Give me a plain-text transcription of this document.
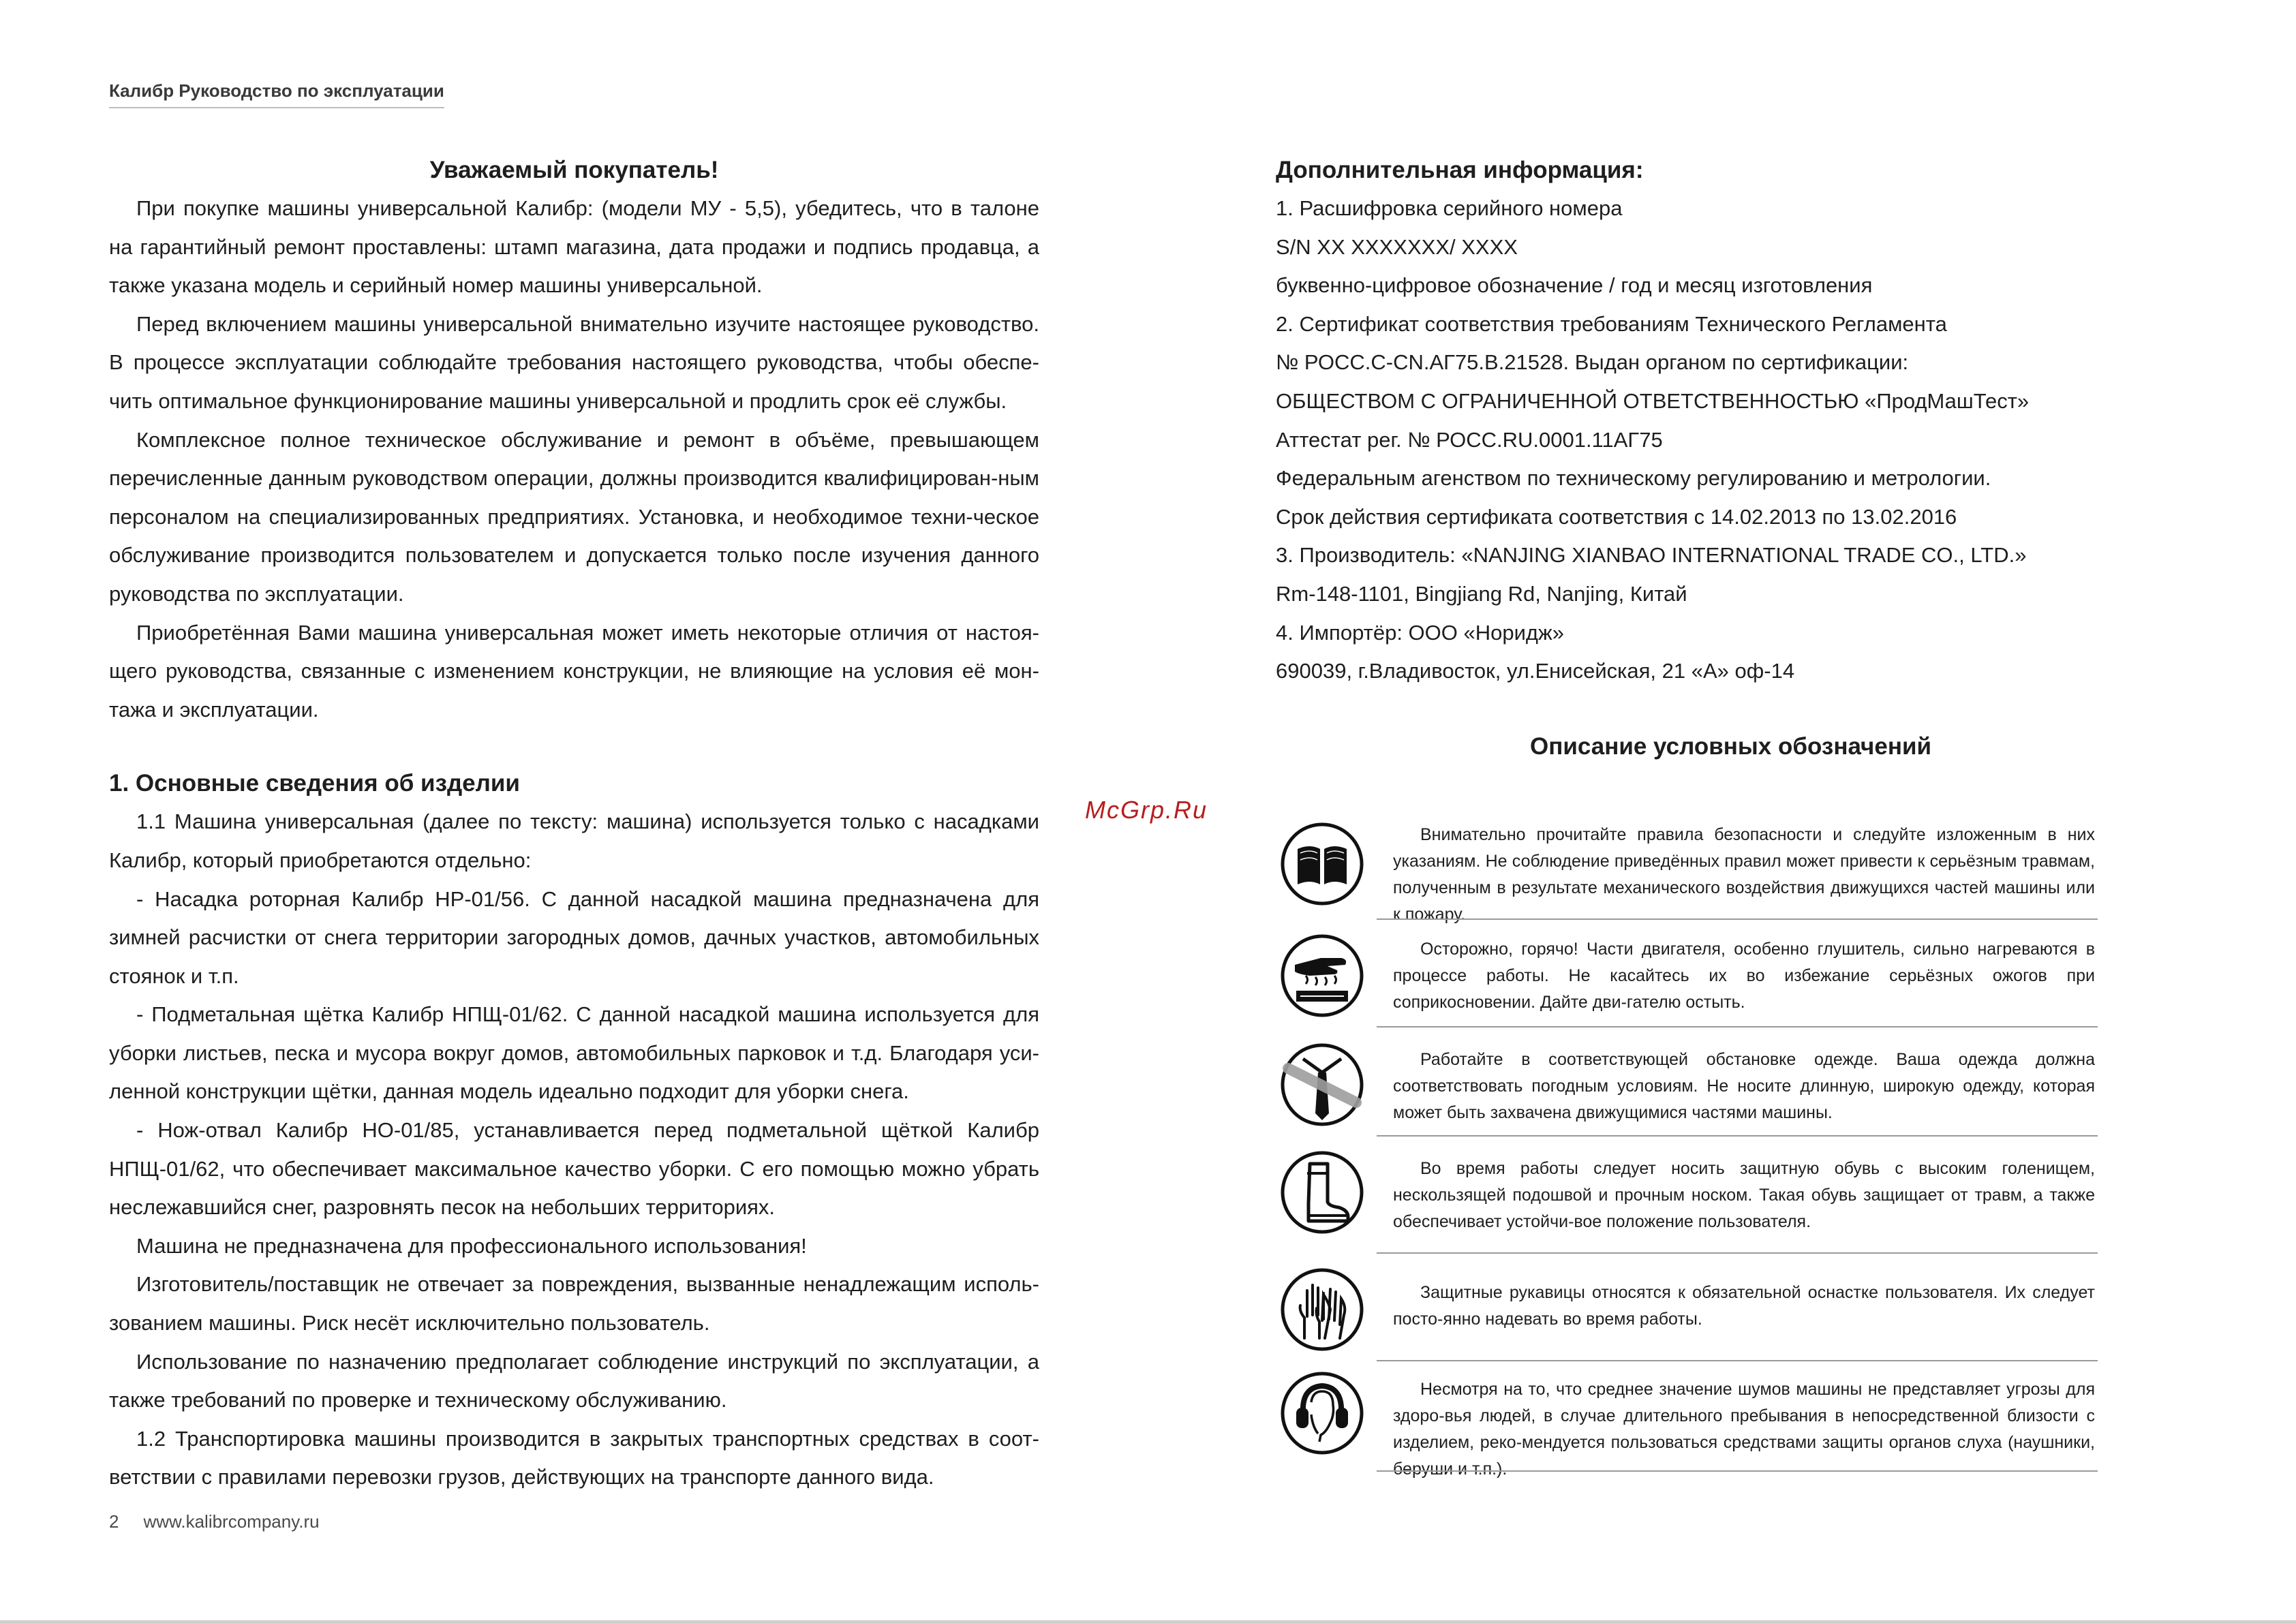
Калибр Руководство по эксплуатации
Уважаемый покупатель!

При покупке машины универсальной Калибр: (модели МУ - 5,5), убедитесь, что в талоне на гарантийный ремонт проставлены: штамп магазина, дата продажи и подпись продавца, а также указана модель и серийный номер машины универсальной.

Перед включением машины универсальной внимательно изучите настоящее руководство. В процессе эксплуатации соблюдайте требования настоящего руководства, чтобы обеспе-чить оптимальное функционирование машины универсальной и продлить срок её службы.

Комплексное полное техническое обслуживание и ремонт в объёме, превышающем перечисленные данным руководством операции, должны производится квалифицирован-ным персоналом на специализированных предприятиях. Установка, и необходимое техни-ческое обслуживание производится пользователем и допускается только после изучения данного руководства по эксплуатации.

Приобретённая Вами машина универсальная может иметь некоторые отличия от настоя-щего руководства, связанные с изменением конструкции, не влияющие на условия её мон-тажа и эксплуатации.

1. Основные сведения об изделии

1.1 Машина универсальная (далее по тексту: машина) используется только с насадками Калибр, который приобретаются отдельно:

- Насадка роторная Калибр НР-01/56. С данной насадкой машина предназначена для зимней расчистки от снега территории загородных домов, дачных участков, автомобильных стоянок и т.п.

- Подметальная щётка Калибр НПЩ-01/62. С данной насадкой машина используется для уборки листьев, песка и мусора вокруг домов, автомобильных парковок и т.д. Благодаря уси-ленной конструкции щётки, данная модель идеально подходит для уборки снега.

- Нож-отвал Калибр НО-01/85, устанавливается перед подметальной щёткой Калибр НПЩ-01/62, что обеспечивает максимальное качество уборки. С его помощью можно убрать неслежавшийся снег, разровнять песок на небольших территориях.

Машина не предназначена для профессионального использования!

Изготовитель/поставщик не отвечает за повреждения, вызванные ненадлежащим исполь-зованием машины. Риск несёт исключительно пользователь.

Использование по назначению предполагает соблюдение инструкций по эксплуатации, а также требований по проверке и техническому обслуживанию.

1.2 Транспортировка машины производится в закрытых транспортных средствах в соот-ветствии с правилами перевозки грузов, действующих на транспорте данного вида.

Дополнительная информация:
1. Расшифровка серийного номера
S/N XX XXXXXXX/ XXXX
буквенно-цифровое обозначение / год и месяц изготовления
2. Сертификат соответствия требованиям Технического Регламента
№ РОСС.С-CN.АГ75.В.21528. Выдан органом по сертификации:
ОБЩЕСТВОМ С ОГРАНИЧЕННОЙ ОТВЕТСТВЕННОСТЬЮ «ПродМашТест»
Аттестат рег. № РОСС.RU.0001.11АГ75
Федеральным агенством по техническому регулированию и метрологии.
Срок действия сертификата соответствия с 14.02.2013 по 13.02.2016
3. Производитель: «NANJING XIANBAO INTERNATIONAL TRADE CO., LTD.»
Rm-148-1101, Bingjiang Rd, Nanjing, Китай
4. Импортёр: ООО «Норидж»
690039, г.Владивосток, ул.Енисейская, 21 «А» оф-14
Описание условных обозначений
McGrp.Ru
Внимательно прочитайте правила безопасности и следуйте изложенным в них указаниям. Не соблюдение приведённых правил может привести к серьёзным травмам, полученным в результате механического воздействия движущихся частей машины или к пожару.
Осторожно, горячо! Части двигателя, особенно глушитель, сильно нагреваются в процессе работы. Не касайтесь их во избежание серьёзных ожогов при соприкосновении. Дайте дви-гателю остыть.
Работайте в соответствующей обстановке одежде. Ваша одежда должна соответствовать погодным условиям. Не носите длинную, широкую одежду, которая может быть захвачена движущимися частями машины.
Во время работы следует носить защитную обувь с высоким голенищем, нескользящей подошвой и прочным носком. Такая обувь защищает от травм, а также обеспечивает устойчи-вое положение пользователя.
Защитные рукавицы относятся к обязательной оснастке пользователя. Их следует посто-янно надевать во время работы.
Несмотря на то, что среднее значение шумов машины не представляет угрозы для здоро-вья людей, в случае длительного пребывания в непосредственной близости с изделием, реко-мендуется пользоваться средствами защиты органов слуха (наушники, беруши и т.п.).
2 www.kalibrcompany.ru
